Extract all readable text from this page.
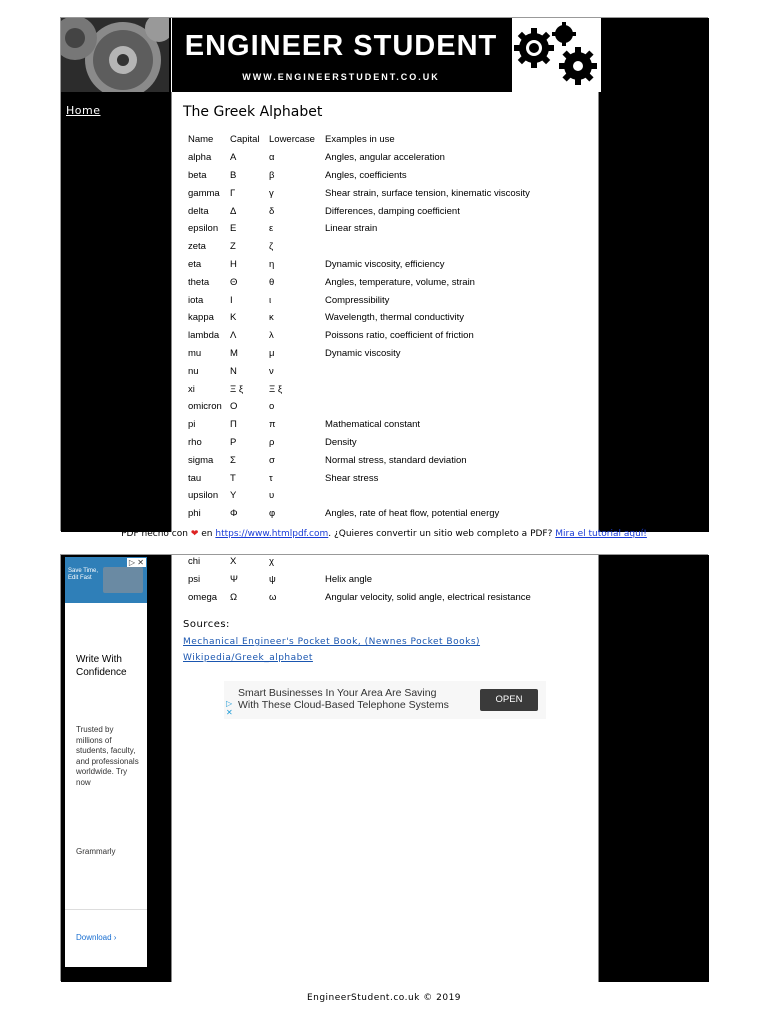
ENGINEER STUDENT
WWW.ENGINEERSTUDENT.CO.UK
Home	The Greek Alphabet
Name	Capital	Lowercase	Examples in use
alpha	Α	α	Angles, angular acceleration
beta	Β	β	Angles, coefficients
gamma	Γ	γ	Shear strain, surface tension, kinematic viscosity
delta	Δ	δ	Differences, damping coefficient
epsilon	Ε	ε	Linear strain
zeta	Ζ	ζ	
eta	Η	η	Dynamic viscosity, efficiency
theta	Θ	θ	Angles, temperature, volume, strain
iota	Ι	ι	Compressibility
kappa	Κ	κ	Wavelength, thermal conductivity
lambda	Λ	λ	Poissons ratio, coefficient of friction
mu	Μ	μ	Dynamic viscosity
nu	Ν	ν	
xi	Ξ ξ	Ξ ξ	
omicron	Ο	ο	
pi	Π	π	Mathematical constant
rho	Ρ	ρ	Density
sigma	Σ	σ	Normal stress, standard deviation
tau	Τ	τ	Shear stress
upsilon	Υ	υ	
phi	Φ	φ	Angles, rate of heat flow, potential energy
PDF hecho con ❤ en https://www.htmlpdf.com. ¿Quieres convertir un sitio web completo a PDF? Mira el tutorial aquí!
Save Time, Edit Fast
▷ ✕
Write With Confidence
Trusted by millions of students, faculty, and professionals worldwide. Try now
Grammarly
Download ›
chi	Χ	χ	
psi	Ψ	ψ	Helix angle
omega	Ω	ω	Angular velocity, solid angle, electrical resistance
Sources:
Mechanical Engineer's Pocket Book, (Newnes Pocket Books)
Wikipedia/Greek_alphabet
▷
✕
Smart Businesses In Your Area Are Saving
With These Cloud-Based Telephone Systems	OPEN
EngineerStudent.co.uk © 2019
